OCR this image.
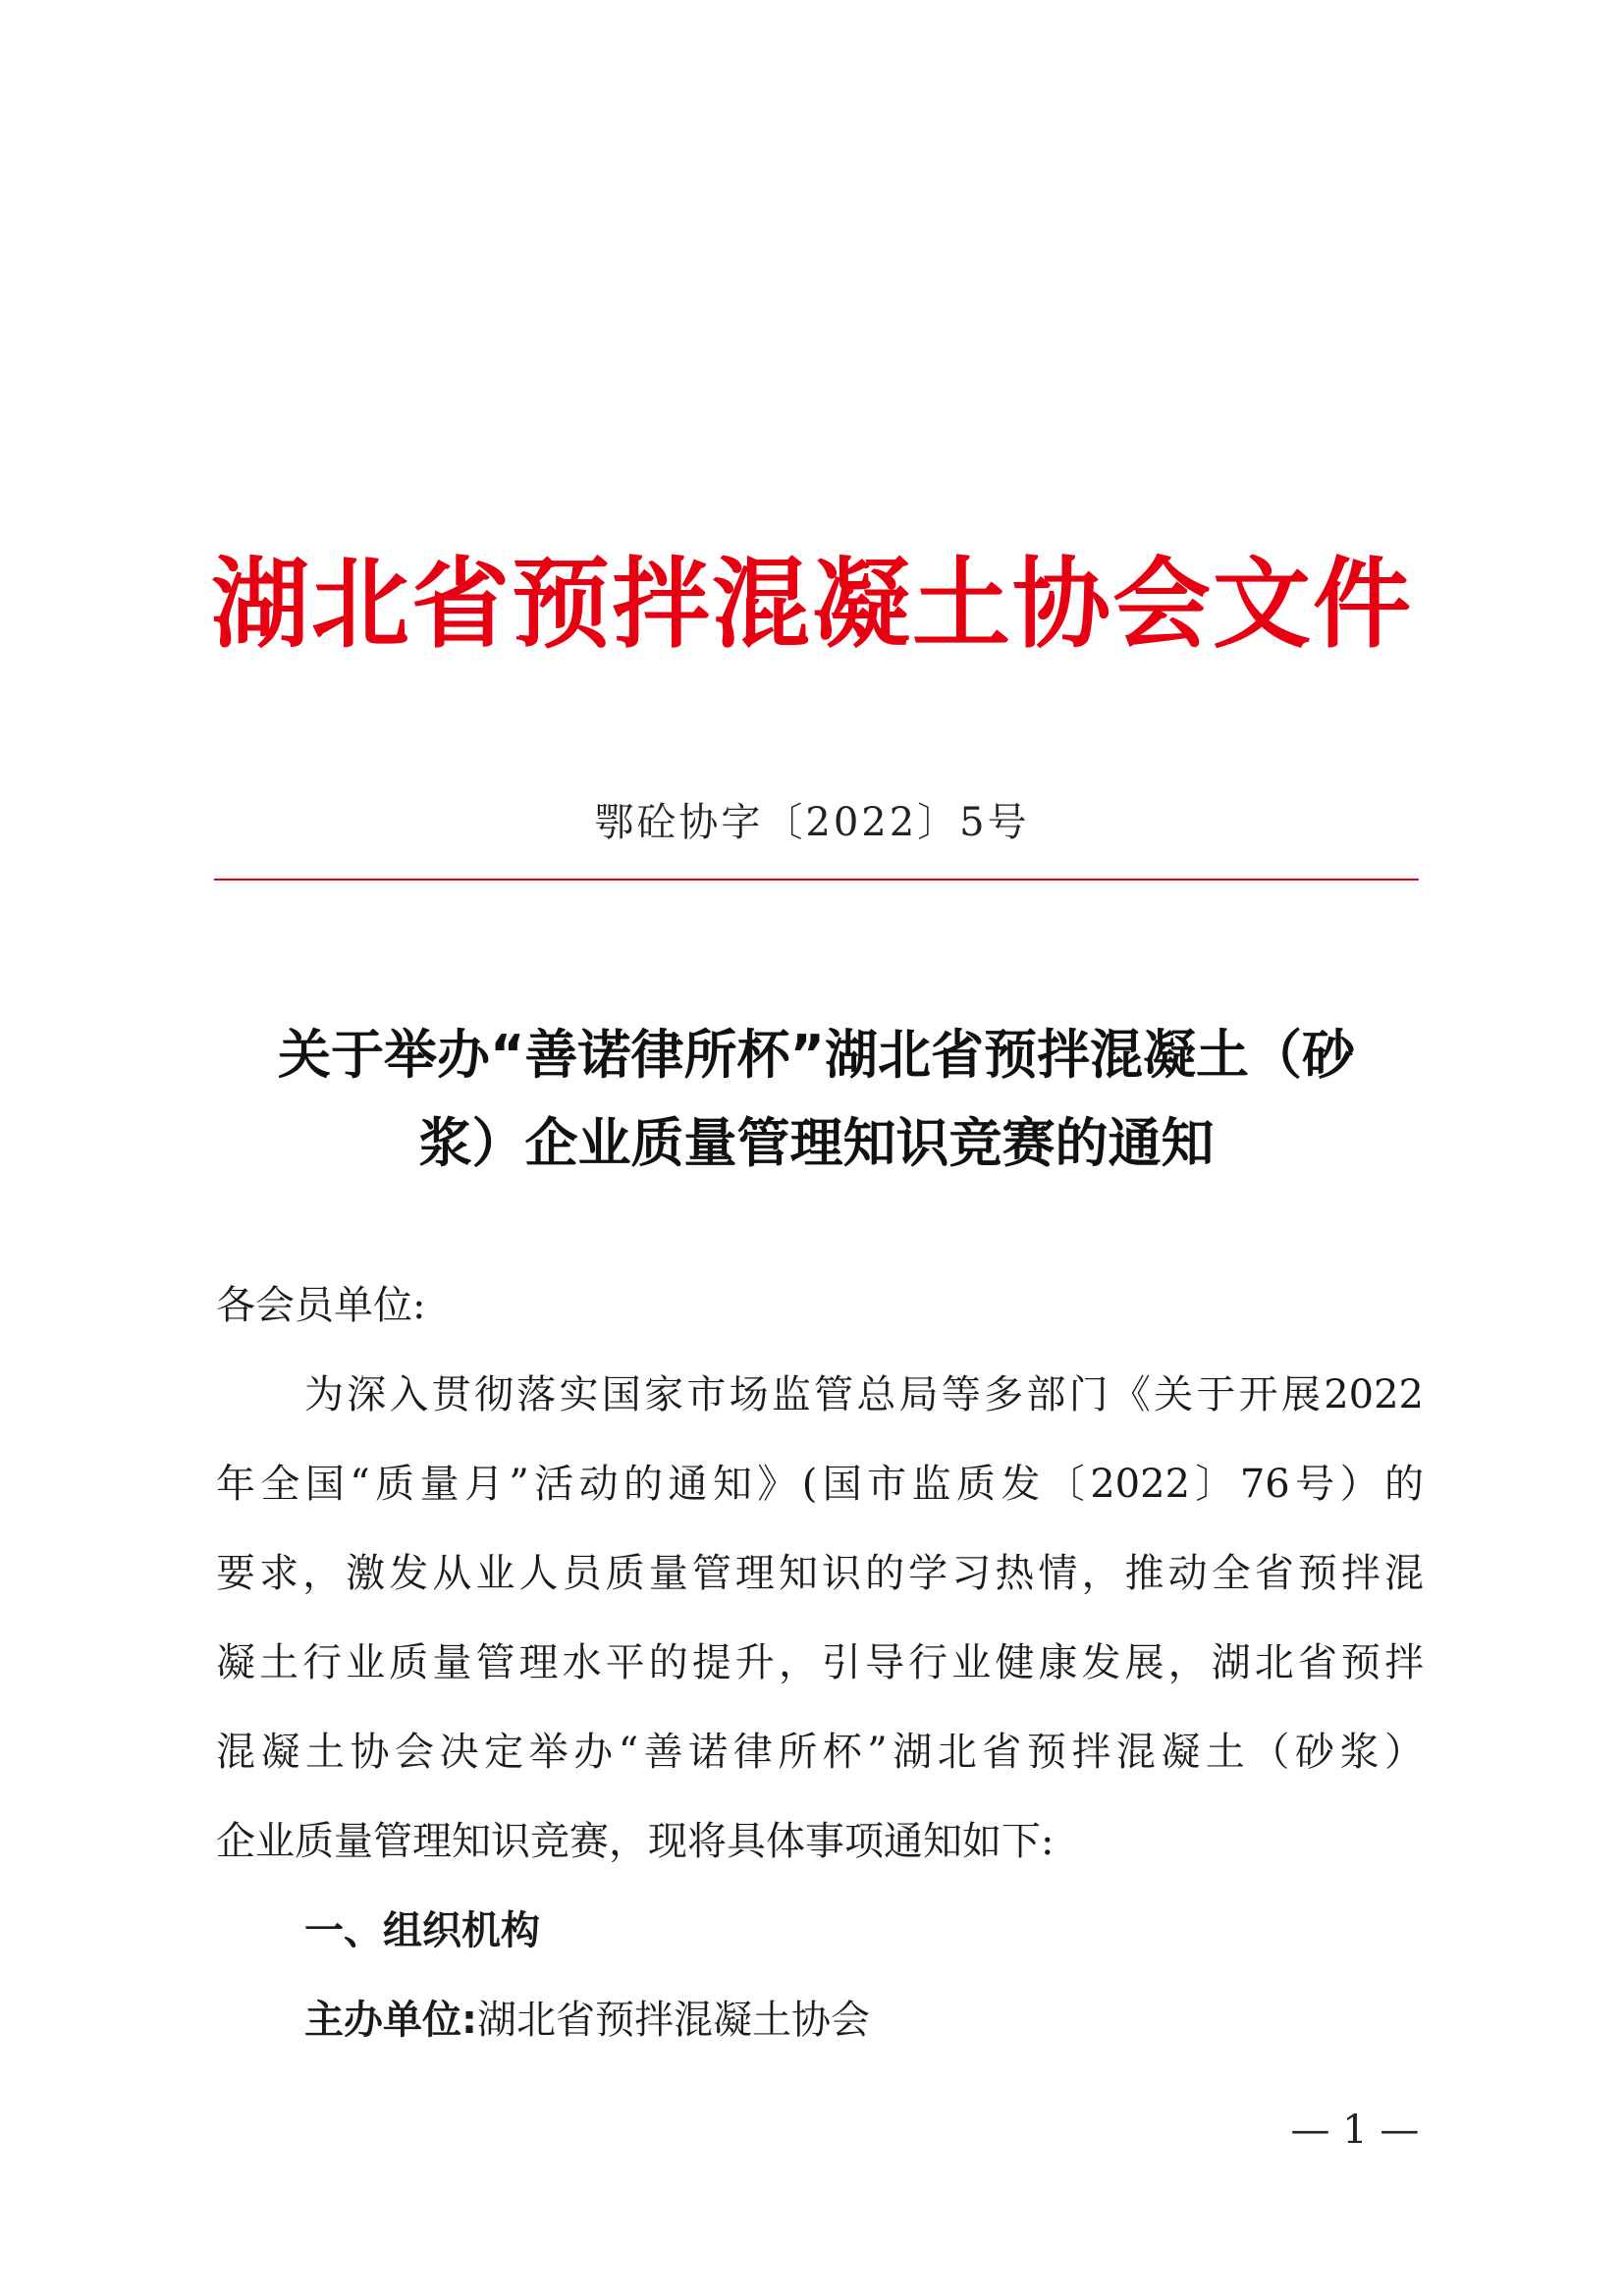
湖北省预拌混凝土协会文件
鄂砼协字〔2022〕5号
关于举办“善诺律所杯”湖北省预拌混凝土（砂
浆）企业质量管理知识竞赛的通知

各会员单位:

为深入贯彻落实国家市场监管总局等多部门《关于开展2022
年全国“质量月”活动的通知》(国市监质发〔2022〕76号）的
要求，激发从业人员质量管理知识的学习热情，推动全省预拌混
凝土行业质量管理水平的提升，引导行业健康发展，湖北省预拌
混凝土协会决定举办“善诺律所杯”湖北省预拌混凝土（砂浆）
企业质量管理知识竞赛，现将具体事项通知如下:

一、组织机构

主办单位:湖北省预拌混凝土协会

— 1 —
